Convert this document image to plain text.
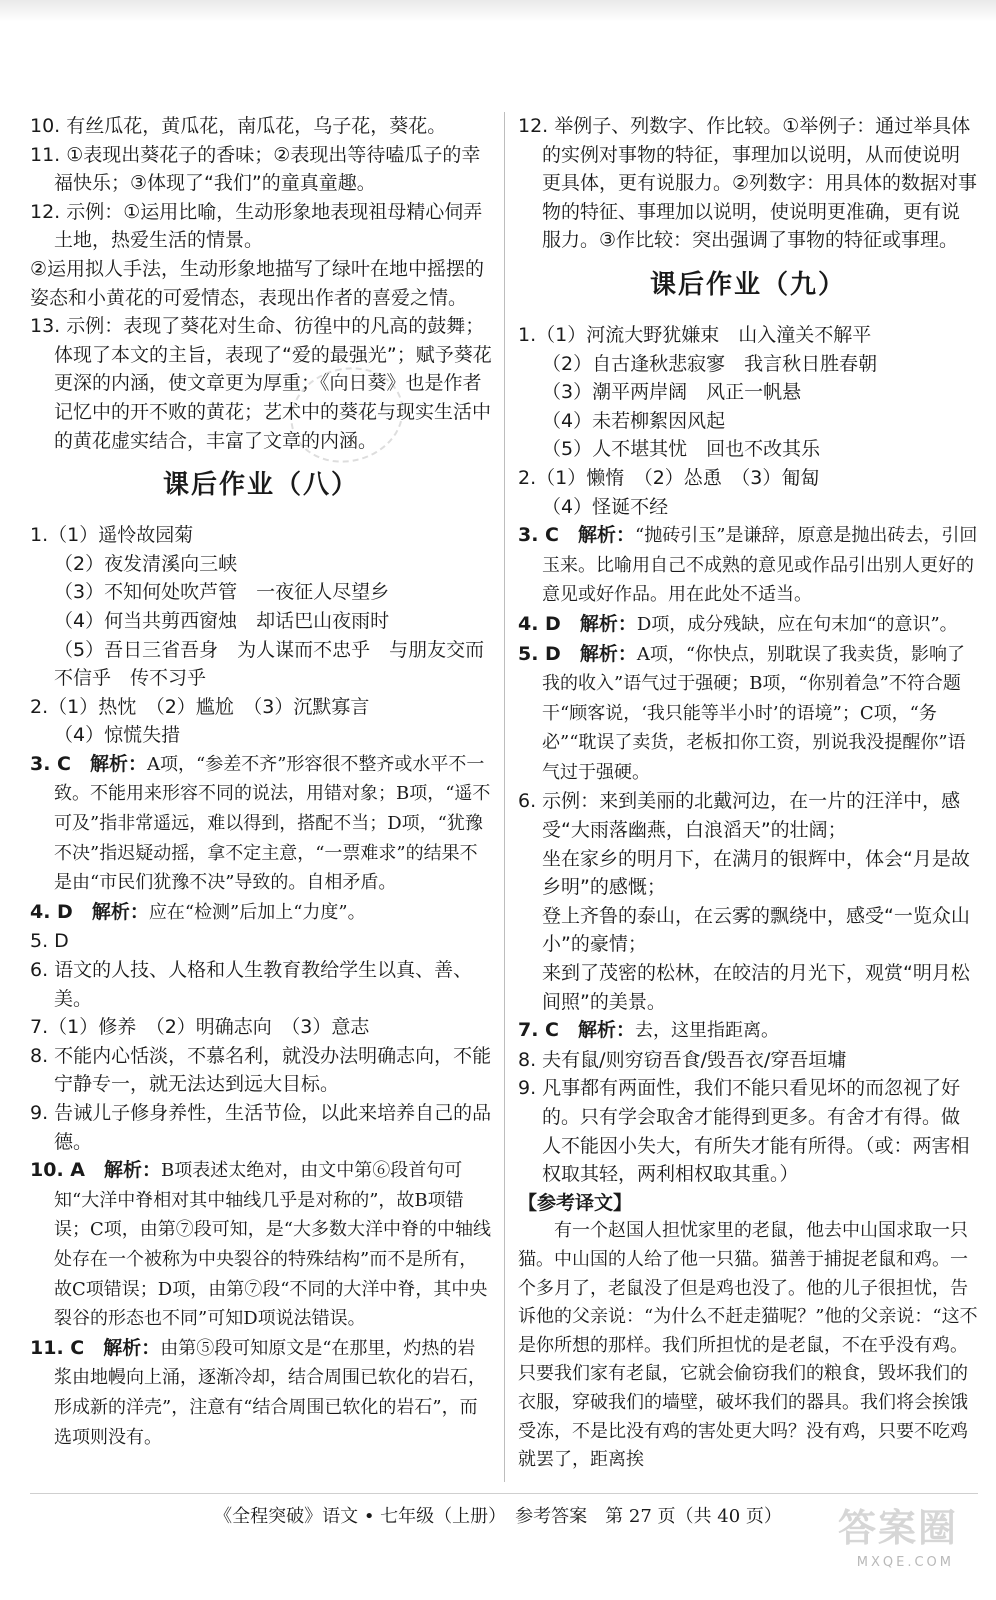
10. 有丝瓜花，黄瓜花，南瓜花，乌子花，葵花。

11. ①表现出葵花子的香味；②表现出等待嗑瓜子的幸福快乐；③体现了“我们”的童真童趣。

12. 示例：①运用比喻，生动形象地表现祖母精心伺弄土地，热爱生活的情景。

②运用拟人手法，生动形象地描写了绿叶在地中摇摆的姿态和小黄花的可爱情态，表现出作者的喜爱之情。

13. 示例：表现了葵花对生命、彷徨中的凡高的鼓舞；体现了本文的主旨，表现了“爱的最强光”；赋予葵花更深的内涵，使文章更为厚重；《向日葵》也是作者记忆中的开不败的黄花；艺术中的葵花与现实生活中的黄花虚实结合，丰富了文章的内涵。

课后作业（八）

1.（1）遥怜故园菊

（2）夜发清溪向三峡

（3）不知何处吹芦管　一夜征人尽望乡

（4）何当共剪西窗烛　却话巴山夜雨时

（5）吾日三省吾身　为人谋而不忠乎　与朋友交而

不信乎　传不习乎

2.（1）热忱　（2）尴尬　（3）沉默寡言

（4）惊慌失措

3. C　解析：A项，“参差不齐”形容很不整齐或水平不一致。不能用来形容不同的说法，用错对象；B项，“遥不可及”指非常遥远，难以得到，搭配不当；D项，“犹豫不决”指迟疑动摇，拿不定主意，“一票难求”的结果不是由“市民们犹豫不决”导致的。自相矛盾。

4. D　解析：应在“检测”后加上“力度”。

5. D

6. 语文的人技、人格和人生教育教给学生以真、善、美。

7.（1）修养　（2）明确志向　（3）意志

8. 不能内心恬淡，不慕名利，就没办法明确志向，不能宁静专一，就无法达到远大目标。

9. 告诫儿子修身养性，生活节俭，以此来培养自己的品德。

10. A　解析：B项表述太绝对，由文中第⑥段首句可知“大洋中脊相对其中轴线几乎是对称的”，故B项错误；C项，由第⑦段可知，是“大多数大洋中脊的中轴线处存在一个被称为中央裂谷的特殊结构”而不是所有，故C项错误；D项，由第⑦段“不同的大洋中脊，其中央裂谷的形态也不同”可知D项说法错误。

11. C　解析：由第⑤段可知原文是“在那里，灼热的岩浆由地幔向上涌，逐渐冷却，结合周围已软化的岩石，形成新的洋壳”，注意有“结合周围已软化的岩石”，而选项则没有。

12. 举例子、列数字、作比较。①举例子：通过举具体的实例对事物的特征，事理加以说明，从而使说明更具体，更有说服力。②列数字：用具体的数据对事物的特征、事理加以说明，使说明更准确，更有说服力。③作比较：突出强调了事物的特征或事理。

课后作业（九）

1.（1）河流大野犹嫌束　山入潼关不解平

（2）自古逢秋悲寂寥　我言秋日胜春朝

（3）潮平两岸阔　风正一帆悬

（4）未若柳絮因风起

（5）人不堪其忧　回也不改其乐

2.（1）懒惰　（2）怂恿　（3）匍匐

（4）怪诞不经

3. C　解析：“抛砖引玉”是谦辞，原意是抛出砖去，引回玉来。比喻用自己不成熟的意见或作品引出别人更好的意见或好作品。用在此处不适当。

4. D　解析：D项，成分残缺，应在句末加“的意识”。

5. D　解析：A项，“你快点，别耽误了我卖货，影响了我的收入”语气过于强硬；B项，“你别着急”不符合题干“顾客说，‘我只能等半小时’的语境”；C项，“务必”“耽误了卖货，老板扣你工资，别说我没提醒你”语气过于强硬。

6. 示例：来到美丽的北戴河边，在一片的汪洋中，感受“大雨落幽燕，白浪滔天”的壮阔；

坐在家乡的明月下，在满月的银辉中，体会“月是故乡明”的感慨；

登上齐鲁的泰山，在云雾的飘绕中，感受“一览众山小”的豪情；

来到了茂密的松林，在皎洁的月光下，观赏“明月松间照”的美景。

7. C　解析：去，这里指距离。

8. 夫有鼠/则穷窃吾食/毁吾衣/穿吾垣墉

9. 凡事都有两面性，我们不能只看见坏的而忽视了好的。只有学会取舍才能得到更多。有舍才有得。做人不能因小失大，有所失才能有所得。（或：两害相权取其轻，两利相权取其重。）

【参考译文】

有一个赵国人担忧家里的老鼠，他去中山国求取一只猫。中山国的人给了他一只猫。猫善于捕捉老鼠和鸡。一个多月了，老鼠没了但是鸡也没了。他的儿子很担忧，告诉他的父亲说：“为什么不赶走猫呢？”他的父亲说：“这不是你所想的那样。我们所担忧的是老鼠，不在乎没有鸡。只要我们家有老鼠，它就会偷窃我们的粮食，毁坏我们的衣服，穿破我们的墙壁，破坏我们的器具。我们将会挨饿受冻，不是比没有鸡的害处更大吗？没有鸡，只要不吃鸡就罢了，距离挨

《全程突破》语文 • 七年级（上册）　参考答案　第 27 页（共 40 页）	答案圈
MXQE.COM
